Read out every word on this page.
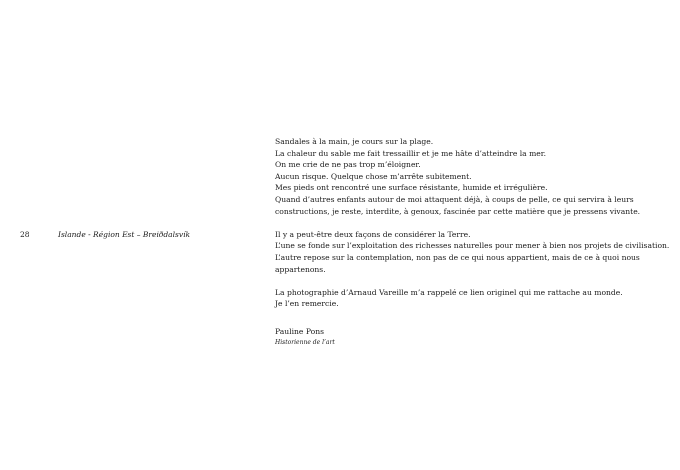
28	Islande - Région Est – Breiðdalsvík
Sandales à la main, je cours sur la plage.
La chaleur du sable me fait tressaillir et je me hâte d’atteindre la mer.
On me crie de ne pas trop m’éloigner.
Aucun risque. Quelque chose m’arrête subitement.
Mes pieds ont rencontré une surface résistante, humide et irrégulière.
Quand d’autres enfants autour de moi attaquent déjà, à coups de pelle, ce qui servira à leurs
constructions, je reste, interdite, à genoux, fascinée par cette matière que je pressens vivante.
Il y a peut-être deux façons de considérer la Terre.
L’une se fonde sur l’exploitation des richesses naturelles pour mener à bien nos projets de civilisation.
L’autre repose sur la contemplation, non pas de ce qui nous appartient, mais de ce à quoi nous
appartenons.
La photographie d’Arnaud Vareille m’a rappelé ce lien originel qui me rattache au monde.
Je l’en remercie.
Pauline Pons
Historienne de l’art
